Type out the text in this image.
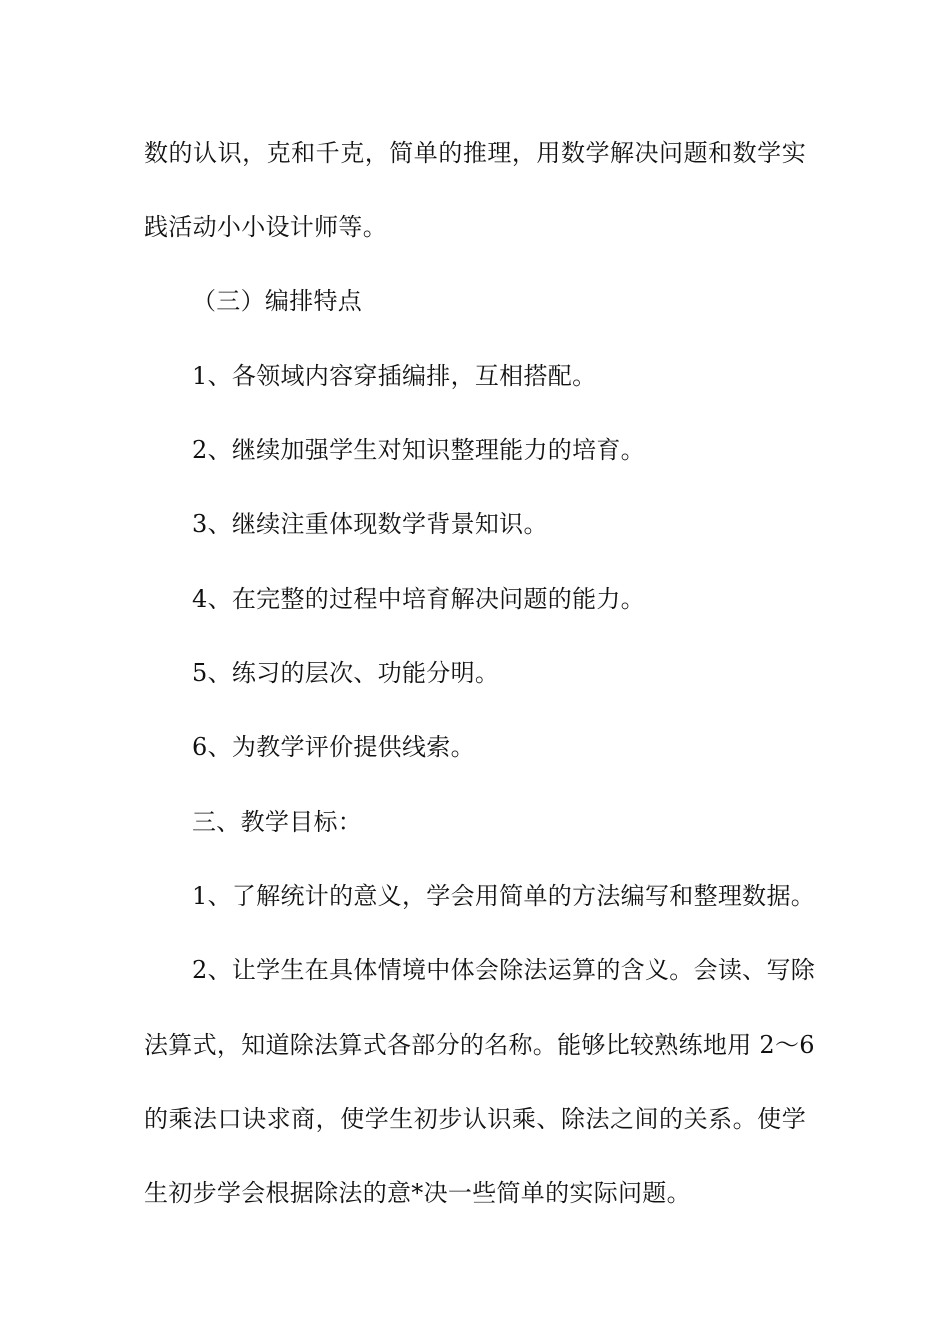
数的认识，克和千克，简单的推理，用数学解决问题和数学实
践活动小小设计师等。
（三）编排特点
1、各领域内容穿插编排，互相搭配。
2、继续加强学生对知识整理能力的培育。
3、继续注重体现数学背景知识。
4、在完整的过程中培育解决问题的能力。
5、练习的层次、功能分明。
6、为教学评价提供线索。
三、教学目标：
1、了解统计的意义，学会用简单的方法编写和整理数据。
2、让学生在具体情境中体会除法运算的含义。会读、写除
法算式，知道除法算式各部分的名称。能够比较熟练地用 2～6
的乘法口诀求商，使学生初步认识乘、除法之间的关系。使学
生初步学会根据除法的意*决一些简单的实际问题。
